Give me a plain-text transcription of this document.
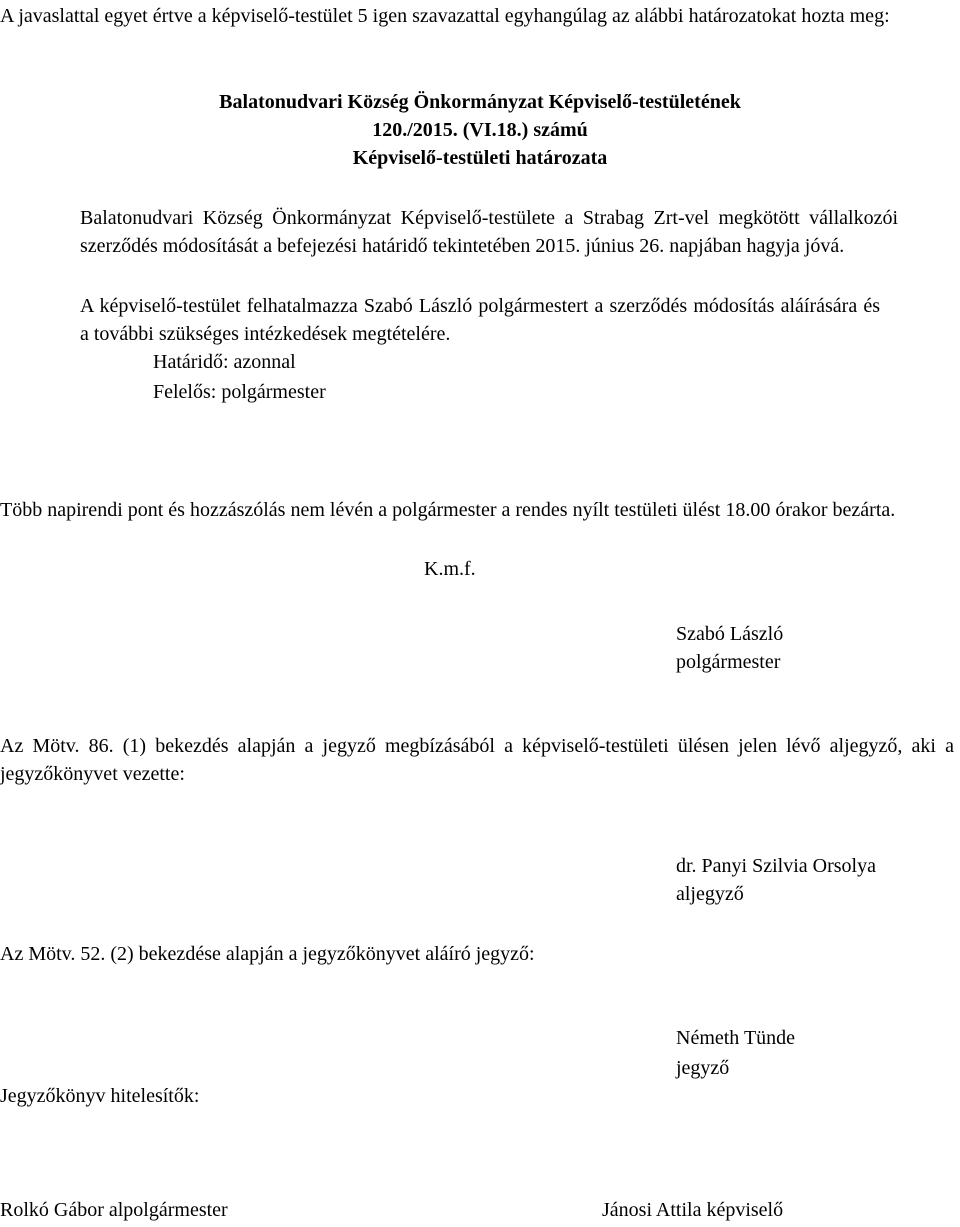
A javaslattal egyet értve a képviselő-testület 5 igen szavazattal egyhangúlag az alábbi határozatokat hozta meg:
Balatonudvari Község Önkormányzat Képviselő-testületének
120./2015. (VI.18.) számú
Képviselő-testületi határozata
Balatonudvari Község Önkormányzat Képviselő-testülete a Strabag Zrt-vel megkötött vállalkozói szerződés módosítását a befejezési határidő tekintetében 2015. június 26. napjában hagyja jóvá.
A képviselő-testület felhatalmazza Szabó László polgármestert a szerződés módosítás aláírására és a további szükséges intézkedések megtételére.
Határidő: azonnal
Felelős: polgármester
Több napirendi pont és hozzászólás nem lévén a polgármester a rendes nyílt testületi ülést 18.00 órakor bezárta.
K.m.f.
Szabó László
polgármester
Az Mötv. 86. (1) bekezdés alapján a jegyző megbízásából a képviselő-testületi ülésen jelen lévő aljegyző, aki a jegyzőkönyvet vezette:
dr. Panyi Szilvia Orsolya
aljegyző
Az Mötv. 52. (2) bekezdése alapján a jegyzőkönyvet aláíró jegyző:
Németh Tünde
jegyző
Jegyzőkönyv hitelesítők:
Rolkó Gábor alpolgármester	Jánosi Attila képviselő
